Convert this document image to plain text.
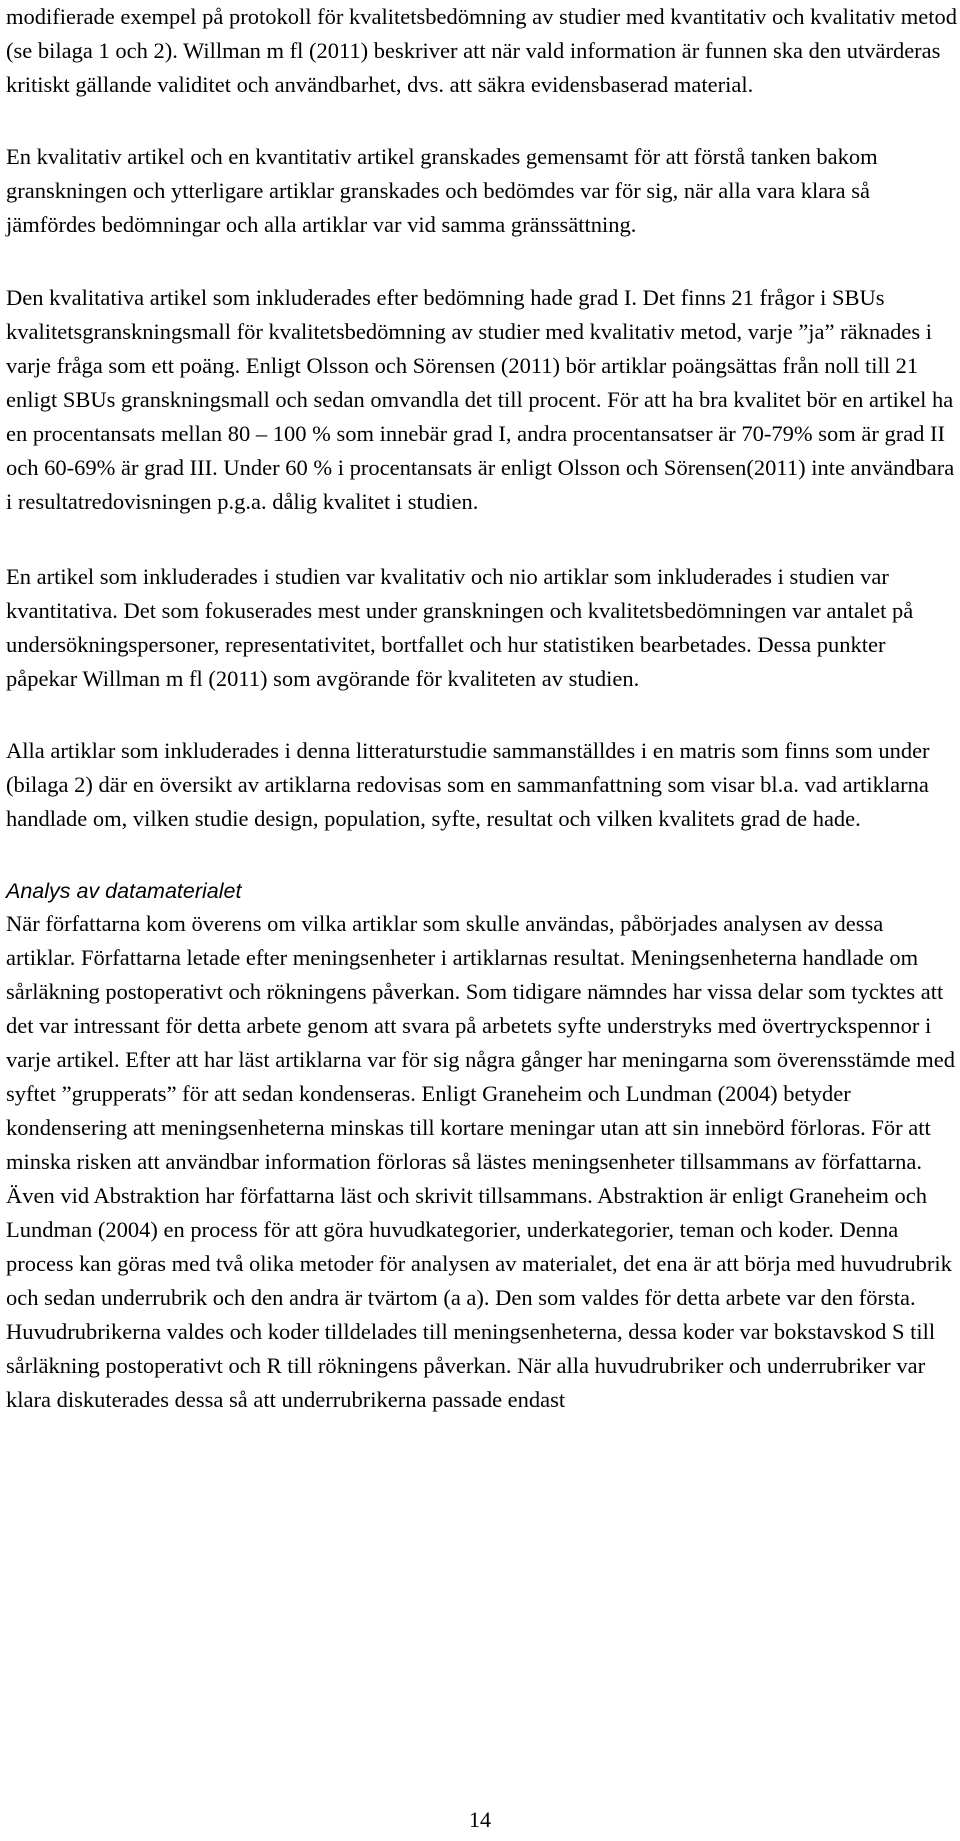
modifierade exempel på protokoll för kvalitetsbedömning av studier med kvantitativ och kvalitativ metod (se bilaga 1 och 2). Willman m fl (2011) beskriver att när vald information är funnen ska den utvärderas kritiskt gällande validitet och användbarhet, dvs. att säkra evidensbaserad material.

En kvalitativ artikel och en kvantitativ artikel granskades gemensamt för att förstå tanken bakom granskningen och ytterligare artiklar granskades och bedömdes var för sig, när alla vara klara så jämfördes bedömningar och alla artiklar var vid samma gränssättning.

Den kvalitativa artikel som inkluderades efter bedömning hade grad I. Det finns 21 frågor i SBUs kvalitetsgranskningsmall för kvalitetsbedömning av studier med kvalitativ metod, varje ”ja” räknades i varje fråga som ett poäng. Enligt Olsson och Sörensen (2011) bör artiklar poängsättas från noll till 21 enligt SBUs granskningsmall och sedan omvandla det till procent. För att ha bra kvalitet bör en artikel ha en procentansats mellan 80 – 100 % som innebär grad I, andra procentansatser är 70-79% som är grad II och 60-69% är grad III. Under 60 % i procentansats är enligt Olsson och Sörensen(2011) inte användbara i resultatredovisningen p.g.a. dålig kvalitet i studien.

En artikel som inkluderades i studien var kvalitativ och nio artiklar som inkluderades i studien var kvantitativa. Det som fokuserades mest under granskningen och kvalitetsbedömningen var antalet på undersökningspersoner, representativitet, bortfallet och hur statistiken bearbetades. Dessa punkter påpekar Willman m fl (2011) som avgörande för kvaliteten av studien.

Alla artiklar som inkluderades i denna litteraturstudie sammanställdes i en matris som finns som under (bilaga 2) där en översikt av artiklarna redovisas som en sammanfattning som visar bl.a. vad artiklarna handlade om, vilken studie design, population, syfte, resultat och vilken kvalitets grad de hade.

Analys av datamaterialet

När författarna kom överens om vilka artiklar som skulle användas, påbörjades analysen av dessa artiklar. Författarna letade efter meningsenheter i artiklarnas resultat. Meningsenheterna handlade om sårläkning postoperativt och rökningens påverkan. Som tidigare nämndes har vissa delar som tycktes att det var intressant för detta arbete genom att svara på arbetets syfte understryks med övertryckspennor i varje artikel. Efter att har läst artiklarna var för sig några gånger har meningarna som överensstämde med syftet ”grupperats” för att sedan kondenseras. Enligt Graneheim och Lundman (2004) betyder kondensering att meningsenheterna minskas till kortare meningar utan att sin innebörd förloras. För att minska risken att användbar information förloras så lästes meningsenheter tillsammans av författarna. Även vid Abstraktion har författarna läst och skrivit tillsammans. Abstraktion är enligt Graneheim och Lundman (2004) en process för att göra huvudkategorier, underkategorier, teman och koder. Denna process kan göras med två olika metoder för analysen av materialet, det ena är att börja med huvudrubrik och sedan underrubrik och den andra är tvärtom (a a). Den som valdes för detta arbete var den första. Huvudrubrikerna valdes och koder tilldelades till meningsenheterna, dessa koder var bokstavskod S till sårläkning postoperativt och R till rökningens påverkan. När alla huvudrubriker och underrubriker var klara diskuterades dessa så att underrubrikerna passade endast

14
